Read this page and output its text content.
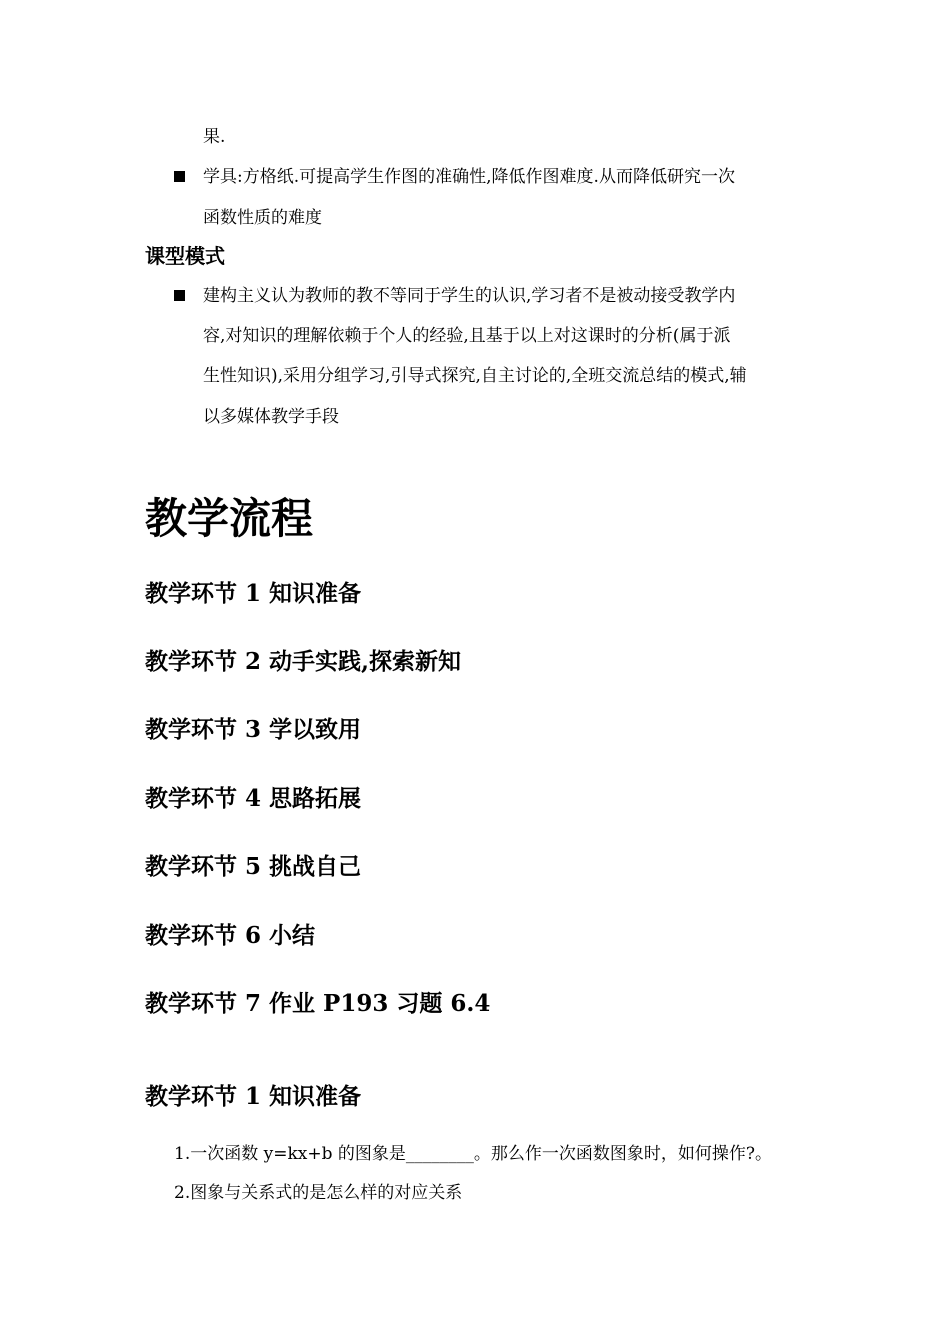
果.
学具:方格纸.可提高学生作图的准确性,降低作图难度.从而降低研究一次
函数性质的难度
课型模式
建构主义认为教师的教不等同于学生的认识,学习者不是被动接受教学内
容,对知识的理解依赖于个人的经验,且基于以上对这课时的分析(属于派
生性知识),采用分组学习,引导式探究,自主讨论的,全班交流总结的模式,辅
以多媒体教学手段
教学流程
教学环节 1 知识准备
教学环节 2 动手实践,探索新知
教学环节 3 学以致用
教学环节 4 思路拓展
教学环节 5 挑战自己
教学环节 6 小结
教学环节 7 作业 P193 习题 6.4
教学环节 1 知识准备
1.一次函数 y=kx+b 的图象是________。那么作一次函数图象时，如何操作?。
2.图象与关系式的是怎么样的对应关系
